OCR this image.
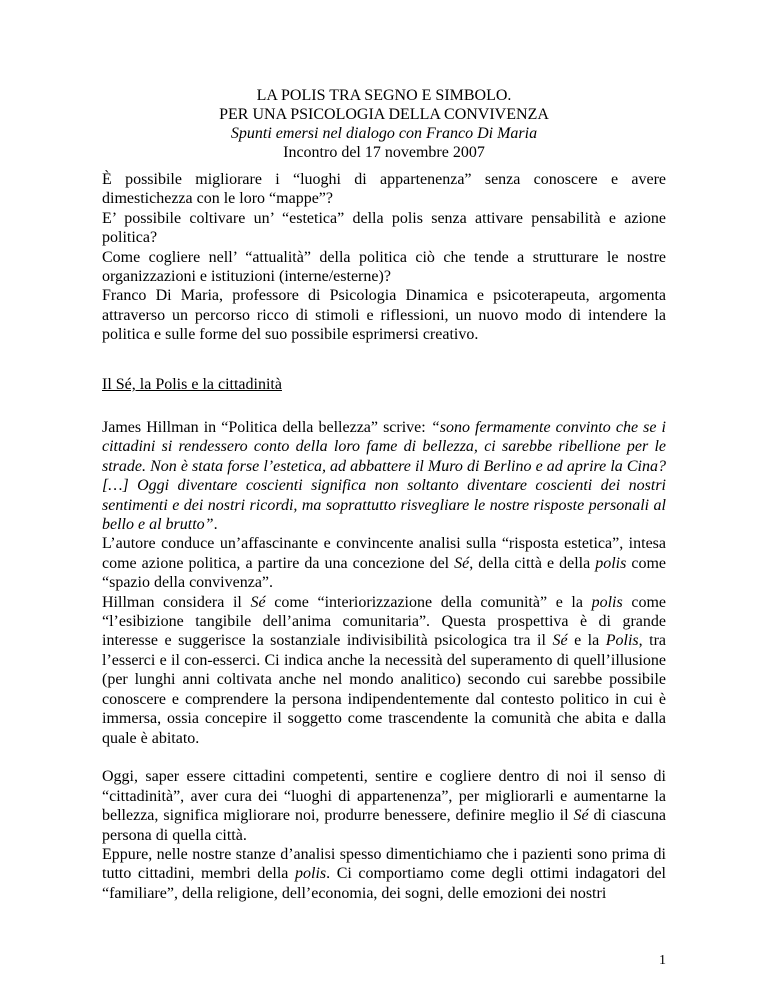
LA POLIS TRA SEGNO E SIMBOLO.
PER UNA PSICOLOGIA DELLA CONVIVENZA
Spunti emersi nel dialogo con Franco Di Maria
Incontro del 17 novembre 2007

È possibile migliorare i “luoghi di appartenenza” senza conoscere e avere dimestichezza con le loro “mappe”?

E’ possibile coltivare un’ “estetica” della polis senza attivare pensabilità e azione politica?

Come cogliere nell’ “attualità” della politica ciò che tende a strutturare le nostre organizzazioni e istituzioni (interne/esterne)?

Franco Di Maria, professore di Psicologia Dinamica e psicoterapeuta, argomenta attraverso un percorso ricco di stimoli e riflessioni, un nuovo modo di intendere la politica e sulle forme del suo possibile esprimersi creativo.

Il Sé, la Polis e la cittadinità

James Hillman in “Politica della bellezza” scrive: “sono fermamente convinto che se i cittadini si rendessero conto della loro fame di bellezza, ci sarebbe ribellione per le strade. Non è stata forse l’estetica, ad abbattere il Muro di Berlino e ad aprire la Cina? […] Oggi diventare coscienti significa non soltanto diventare coscienti dei nostri sentimenti e dei nostri ricordi, ma soprattutto risvegliare le nostre risposte personali al bello e al brutto”.

L’autore conduce un’affascinante e convincente analisi sulla “risposta estetica”, intesa come azione politica, a partire da una concezione del Sé, della città e della polis come “spazio della convivenza”.

Hillman considera il Sé come “interiorizzazione della comunità” e la polis come “l’esibizione tangibile dell’anima comunitaria”. Questa prospettiva è di grande interesse e suggerisce la sostanziale indivisibilità psicologica tra il Sé e la Polis, tra l’esserci e il con-esserci. Ci indica anche la necessità del superamento di quell’illusione (per lunghi anni coltivata anche nel mondo analitico) secondo cui sarebbe possibile conoscere e comprendere la persona indipendentemente dal contesto politico in cui è immersa, ossia concepire il soggetto come trascendente la comunità che abita e dalla quale è abitato.

Oggi, saper essere cittadini competenti, sentire e cogliere dentro di noi il senso di “cittadinità”, aver cura dei “luoghi di appartenenza”, per migliorarli e aumentarne la bellezza, significa migliorare noi, produrre benessere, definire meglio il Sé di ciascuna persona di quella città.

Eppure, nelle nostre stanze d’analisi spesso dimentichiamo che i pazienti sono prima di tutto cittadini, membri della polis. Ci comportiamo come degli ottimi indagatori del “familiare”, della religione, dell’economia, dei sogni, delle emozioni dei nostri

1
